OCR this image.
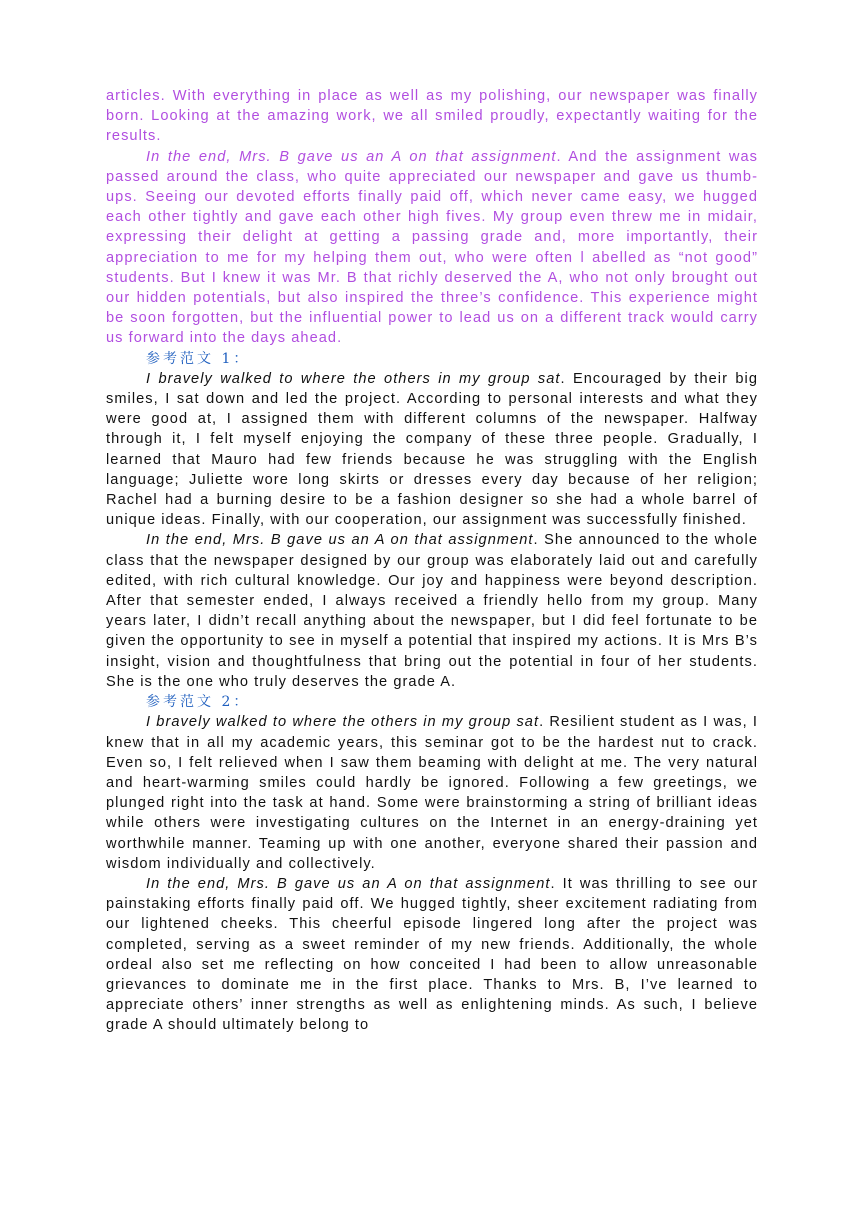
articles. With everything in place as well as my polishing, our newspaper was finally born. Looking at the amazing work, we all smiled proudly, expectantly waiting for the results.

In the end, Mrs. B gave us an A on that assignment. And the assignment was passed around the class, who quite appreciated our newspaper and gave us thumb-ups. Seeing our devoted efforts finally paid off, which never came easy, we hugged each other tightly and gave each other high fives. My group even threw me in midair, expressing their delight at getting a passing grade and, more importantly, their appreciation to me for my helping them out, who were often l abelled as “not good” students. But I knew it was Mr. B that richly deserved the A, who not only brought out our hidden potentials, but also inspired the three’s confidence. This experience might be soon forgotten, but the influential power to lead us on a different track would carry us forward into the days ahead.

参考范文 1：

I bravely walked to where the others in my group sat. Encouraged by their big smiles, I sat down and led the project. According to personal interests and what they were good at, I assigned them with different columns of the newspaper. Halfway through it, I felt myself enjoying the company of these three people. Gradually, I learned that Mauro had few friends because he was struggling with the English language; Juliette wore long skirts or dresses every day because of her religion; Rachel had a burning desire to be a fashion designer so she had a whole barrel of unique ideas. Finally, with our cooperation, our assignment was successfully finished.

In the end, Mrs. B gave us an A on that assignment. She announced to the whole class that the newspaper designed by our group was elaborately laid out and carefully edited, with rich cultural knowledge. Our joy and happiness were beyond description. After that semester ended, I always received a friendly hello from my group. Many years later, I didn’t recall anything about the newspaper, but I did feel fortunate to be given the opportunity to see in myself a potential that inspired my actions. It is Mrs B’s insight, vision and thoughtfulness that bring out the potential in four of her students. She is the one who truly deserves the grade A.

参考范文 2：

I bravely walked to where the others in my group sat. Resilient student as I was, I knew that in all my academic years, this seminar got to be the hardest nut to crack. Even so, I felt relieved when I saw them beaming with delight at me. The very natural and heart-warming smiles could hardly be ignored. Following a few greetings, we plunged right into the task at hand. Some were brainstorming a string of brilliant ideas while others were investigating cultures on the Internet in an energy-draining yet worthwhile manner. Teaming up with one another, everyone shared their passion and wisdom individually and collectively.

In the end, Mrs. B gave us an A on that assignment. It was thrilling to see our painstaking efforts finally paid off. We hugged tightly, sheer excitement radiating from our lightened cheeks. This cheerful episode lingered long after the project was completed, serving as a sweet reminder of my new friends. Additionally, the whole ordeal also set me reflecting on how conceited I had been to allow unreasonable grievances to dominate me in the first place. Thanks to Mrs. B, I’ve learned to appreciate others’ inner strengths as well as enlightening minds. As such, I believe grade A should ultimately belong to
